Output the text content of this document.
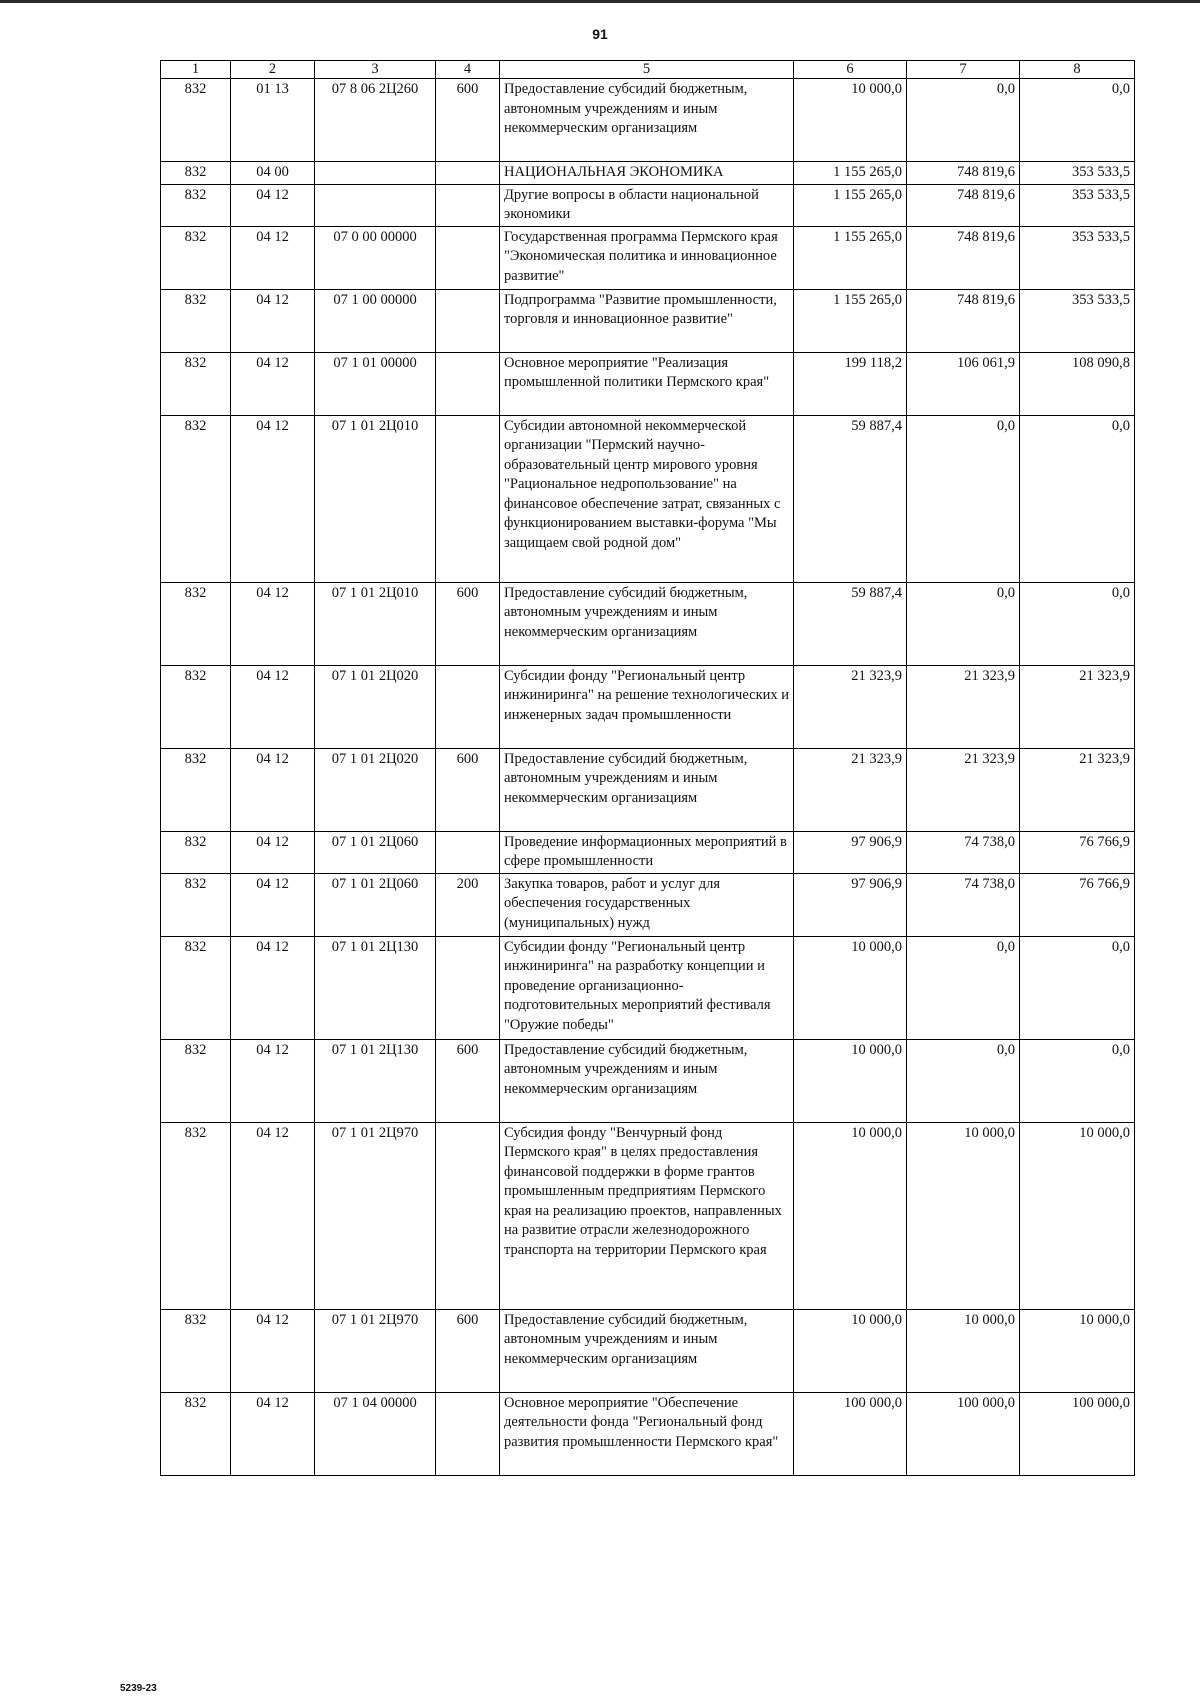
91
1	2	3	4	5	6	7	8
832	01 13	07 8 06 2Ц260	600	Предоставление субсидий бюджетным, автономным учреждениям и иным некоммерческим организациям	10 000,0	0,0	0,0
832	04 00			НАЦИОНАЛЬНАЯ ЭКОНОМИКА	1 155 265,0	748 819,6	353 533,5
832	04 12			Другие вопросы в области национальной экономики	1 155 265,0	748 819,6	353 533,5
832	04 12	07 0 00 00000		Государственная программа Пермского края "Экономическая политика и инновационное развитие"	1 155 265,0	748 819,6	353 533,5
832	04 12	07 1 00 00000		Подпрограмма "Развитие промышленности, торговля и инновационное развитие"	1 155 265,0	748 819,6	353 533,5
832	04 12	07 1 01 00000		Основное мероприятие "Реализация промышленной политики Пермского края"	199 118,2	106 061,9	108 090,8
832	04 12	07 1 01 2Ц010		Субсидии автономной некоммерческой организации "Пермский научно-образовательный центр мирового уровня "Рациональное недропользование" на финансовое обеспечение затрат, связанных с функционированием выставки-форума "Мы защищаем свой родной дом"	59 887,4	0,0	0,0
832	04 12	07 1 01 2Ц010	600	Предоставление субсидий бюджетным, автономным учреждениям и иным некоммерческим организациям	59 887,4	0,0	0,0
832	04 12	07 1 01 2Ц020		Субсидии фонду "Региональный центр инжиниринга" на решение технологических и инженерных задач промышленности	21 323,9	21 323,9	21 323,9
832	04 12	07 1 01 2Ц020	600	Предоставление субсидий бюджетным, автономным учреждениям и иным некоммерческим организациям	21 323,9	21 323,9	21 323,9
832	04 12	07 1 01 2Ц060		Проведение информационных мероприятий в сфере промышленности	97 906,9	74 738,0	76 766,9
832	04 12	07 1 01 2Ц060	200	Закупка товаров, работ и услуг для обеспечения государственных (муниципальных) нужд	97 906,9	74 738,0	76 766,9
832	04 12	07 1 01 2Ц130		Субсидии фонду "Региональный центр инжиниринга" на разработку концепции и проведение организационно-подготовительных мероприятий фестиваля "Оружие победы"	10 000,0	0,0	0,0
832	04 12	07 1 01 2Ц130	600	Предоставление субсидий бюджетным, автономным учреждениям и иным некоммерческим организациям	10 000,0	0,0	0,0
832	04 12	07 1 01 2Ц970		Субсидия фонду "Венчурный фонд Пермского края" в целях предоставления финансовой поддержки в форме грантов промышленным предприятиям Пермского края на реализацию проектов, направленных на развитие отрасли железнодорожного транспорта на территории Пермского края	10 000,0	10 000,0	10 000,0
832	04 12	07 1 01 2Ц970	600	Предоставление субсидий бюджетным, автономным учреждениям и иным некоммерческим организациям	10 000,0	10 000,0	10 000,0
832	04 12	07 1 04 00000		Основное мероприятие "Обеспечение деятельности фонда "Региональный фонд развития промышленности Пермского края"	100 000,0	100 000,0	100 000,0
5239-23
